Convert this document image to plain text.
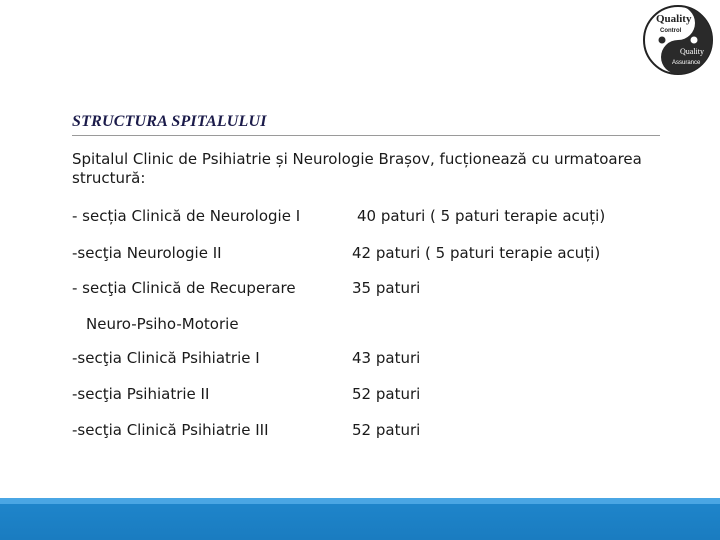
Quality
Control
Quality
Assurance
STRUCTURA SPITALULUI
Spitalul Clinic de Psihiatrie și Neurologie Brașov, fucționează cu urmatoarea structură:
- secția Clinică de Neurologie I	40 paturi ( 5 paturi terapie acuți)
-secţia Neurologie II	42 paturi ( 5 paturi terapie acuți)
- secţia Clinică de Recuperare	35 paturi
Neuro-Psiho-Motorie
-secţia Clinică Psihiatrie I	43 paturi
-secţia Psihiatrie II	52 paturi
-secţia Clinică Psihiatrie III	52 paturi
